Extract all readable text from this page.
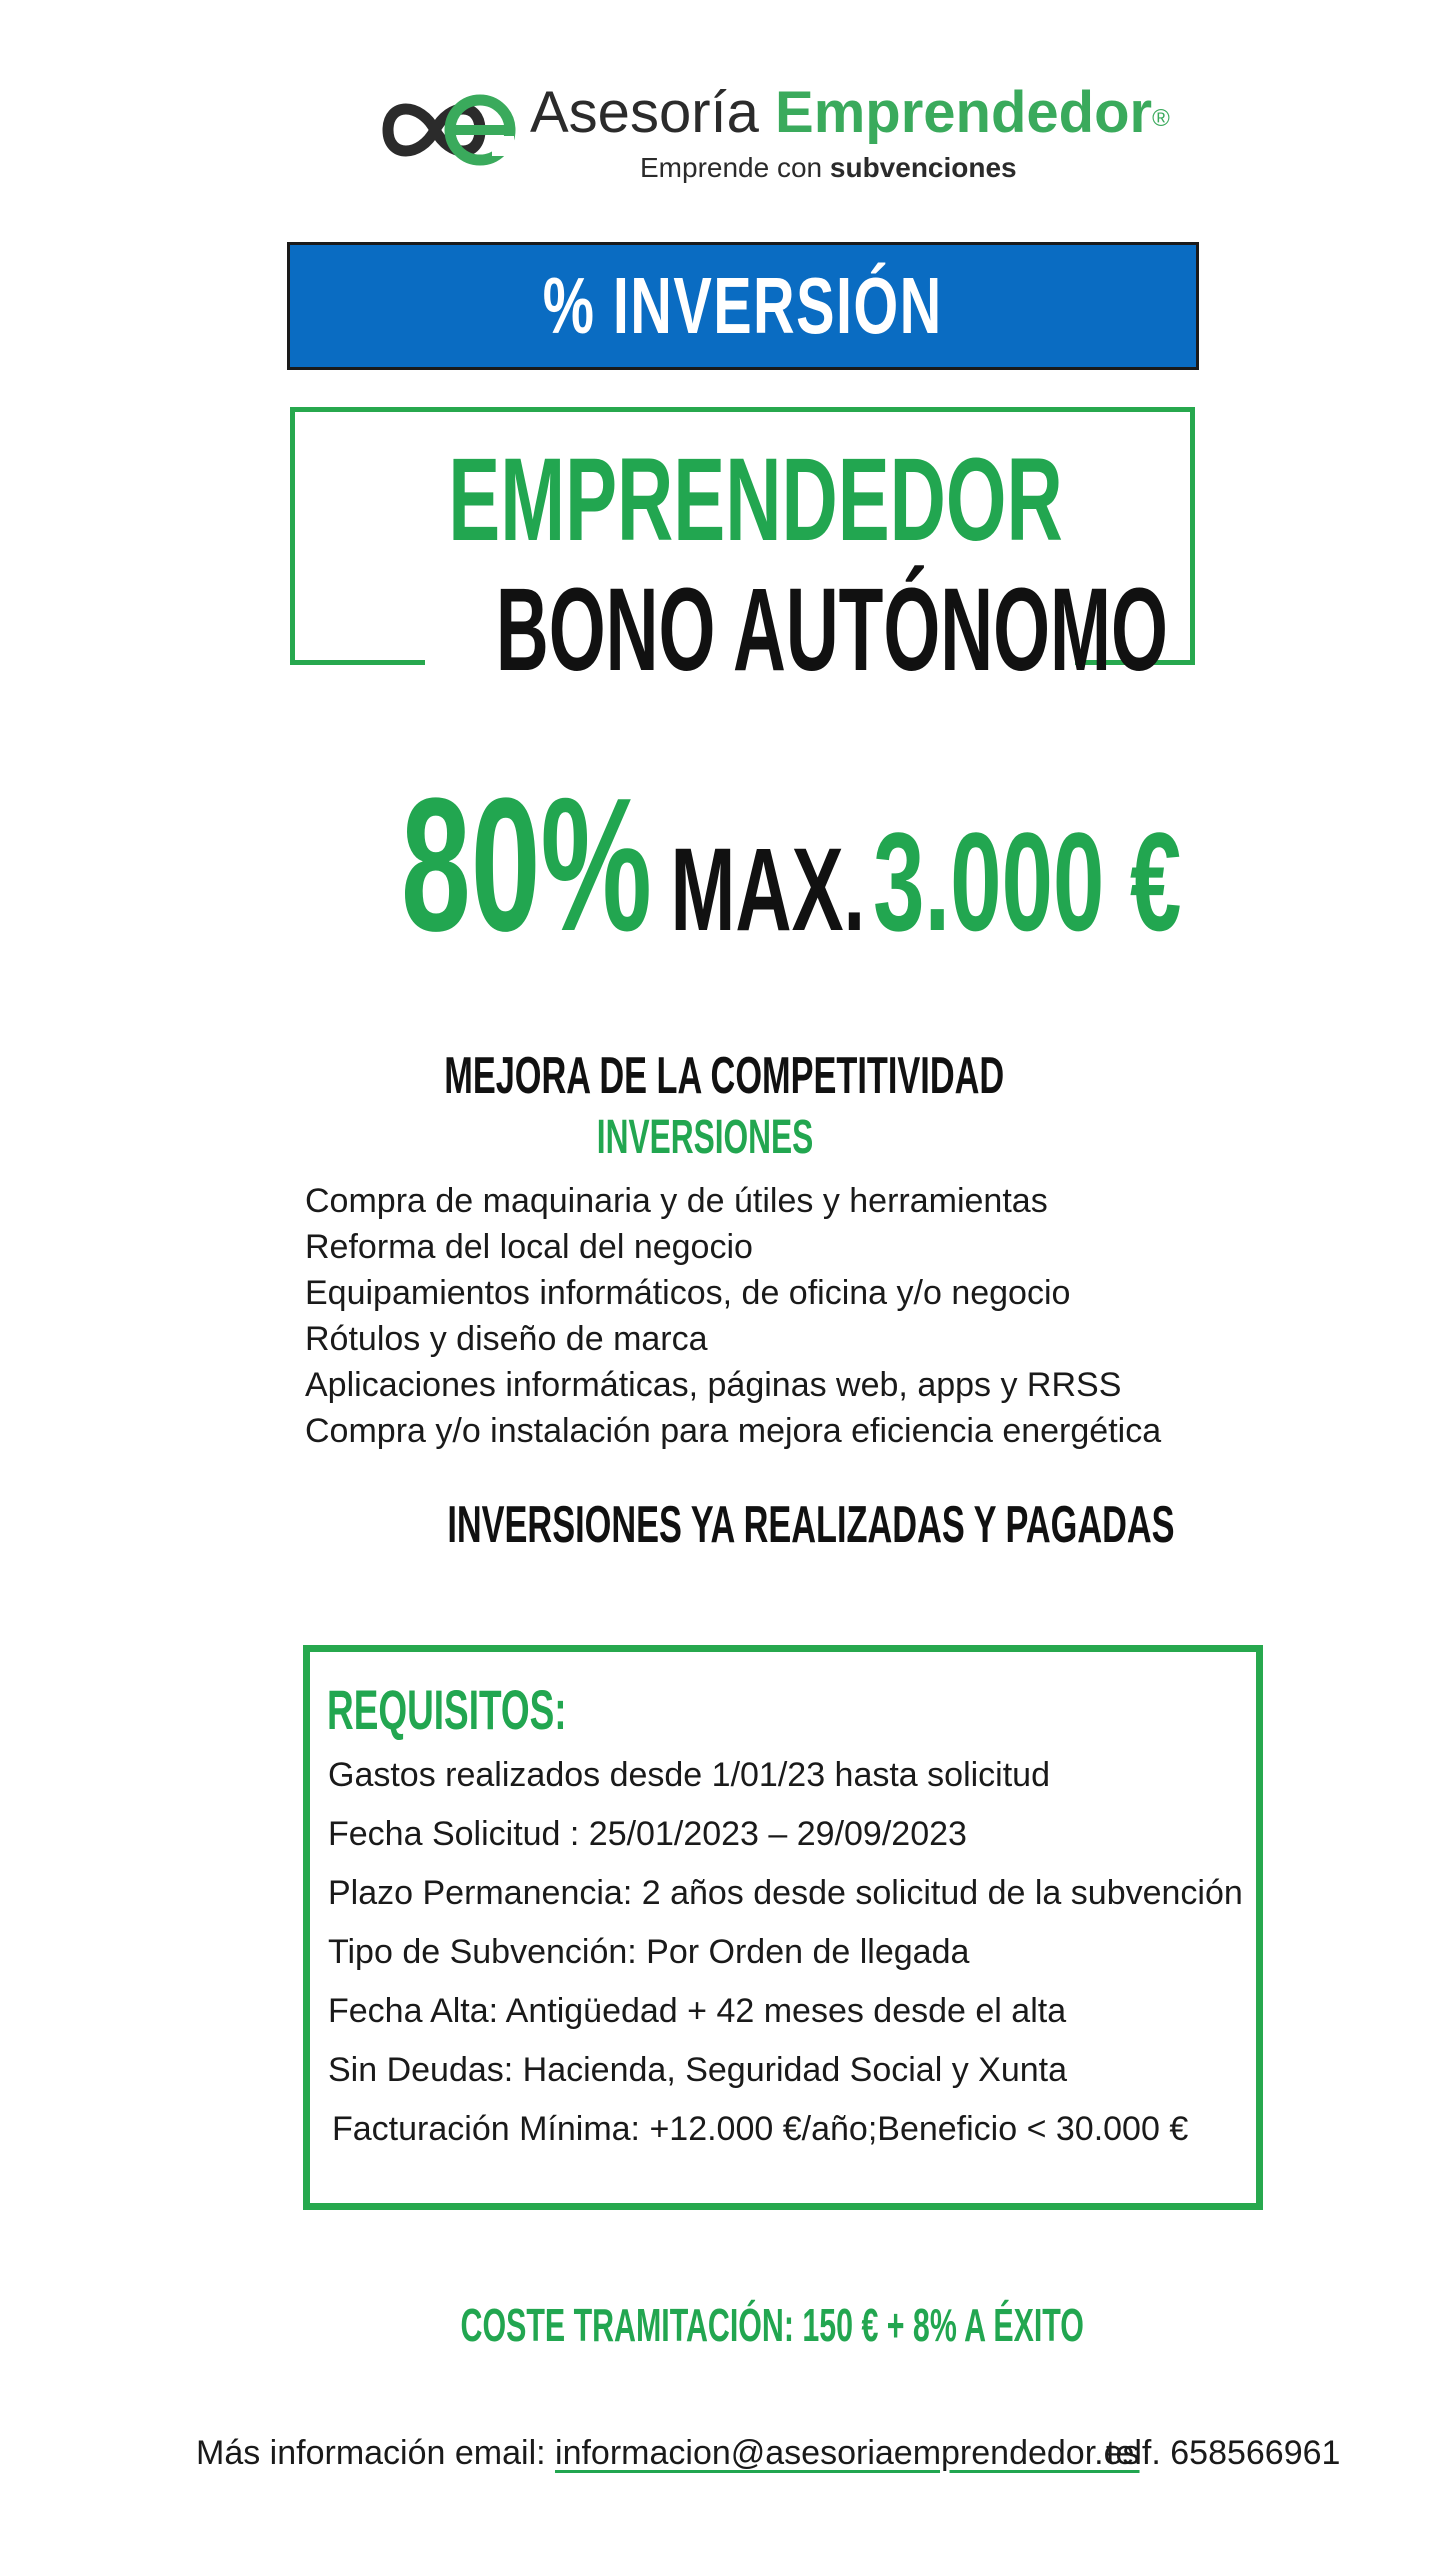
Asesoría Emprendedor®
Emprende con subvenciones
% INVERSIÓN
EMPRENDEDOR
BONO AUTÓNOMO
80% MAX.3.000 €
MEJORA DE LA COMPETITIVIDAD
INVERSIONES
Compra de maquinaria y de útiles y herramientas
Reforma del local del negocio
Equipamientos informáticos, de oficina y/o negocio
Rótulos y diseño de marca
Aplicaciones informáticas, páginas web, apps y RRSS
Compra y/o instalación para mejora eficiencia energética
INVERSIONES YA REALIZADAS Y PAGADAS
REQUISITOS:
Gastos realizados desde 1/01/23 hasta solicitud
Fecha Solicitud : 25/01/2023 – 29/09/2023
Plazo Permanencia: 2 años desde solicitud de la subvención
Tipo de Subvención: Por Orden de llegada
Fecha Alta: Antigüedad + 42 meses desde el alta
Sin Deudas: Hacienda, Seguridad Social y Xunta
Facturación Mínima: +12.000 €/año;Beneficio < 30.000 €
COSTE TRAMITACIÓN: 150 € + 8% A ÉXITO
Más información email: informacion@asesoriaemprendedor.es
telf. 658566961
